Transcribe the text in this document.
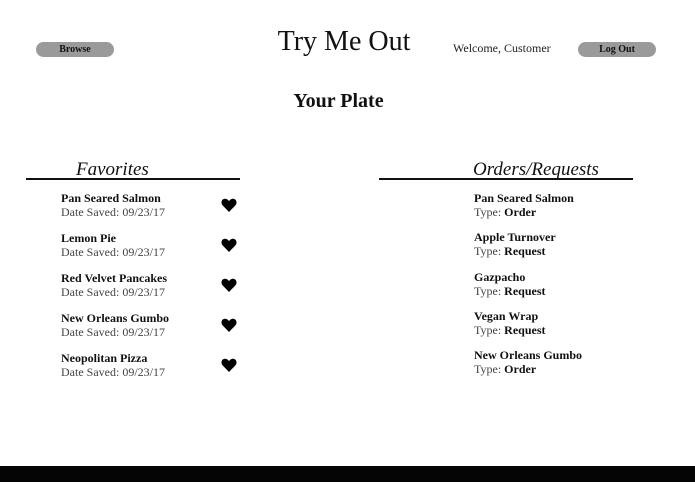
Browse	Try Me Out	Welcome, Customer	Log Out
Your Plate
Favorites	Orders/Requests
Pan Seared Salmon
Date Saved: 09/23/17
Lemon Pie
Date Saved: 09/23/17
Red Velvet Pancakes
Date Saved: 09/23/17
New Orleans Gumbo
Date Saved: 09/23/17
Neopolitan Pizza
Date Saved: 09/23/17
Pan Seared Salmon
Type: Order
Apple Turnover
Type: Request
Gazpacho
Type: Request
Vegan Wrap
Type: Request
New Orleans Gumbo
Type: Order
